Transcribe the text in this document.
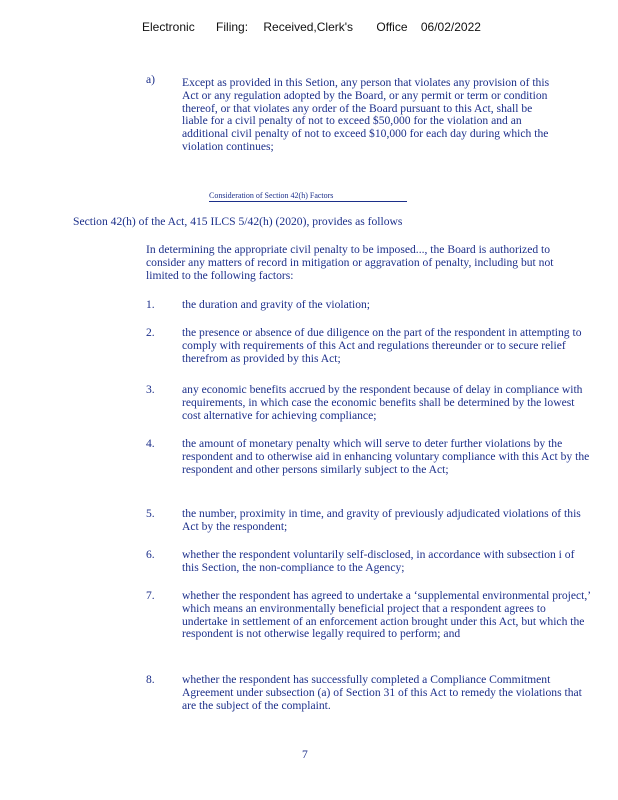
Electronic Filing: Received,Clerk's Office 06/02/2022
a) Except as provided in this Setion, any person that violates any provision of this Act or any regulation adopted by the Board, or any permit or term or condition thereof, or that violates any order of the Board pursuant to this Act, shall be liable for a civil penalty of not to exceed $50,000 for the violation and an additional civil penalty of not to exceed $10,000 for each day during which the violation continues;
Consideration of Section 42(h) Factors
Section 42(h) of the Act, 415 ILCS 5/42(h) (2020), provides as follows
In determining the appropriate civil penalty to be imposed..., the Board is authorized to consider any matters of record in mitigation or aggravation of penalty, including but not limited to the following factors:
1. the duration and gravity of the violation;
2. the presence or absence of due diligence on the part of the respondent in attempting to comply with requirements of this Act and regulations thereunder or to secure relief therefrom as provided by this Act;
3. any economic benefits accrued by the respondent because of delay in compliance with requirements, in which case the economic benefits shall be determined by the lowest cost alternative for achieving compliance;
4. the amount of monetary penalty which will serve to deter further violations by the respondent and to otherwise aid in enhancing voluntary compliance with this Act by the respondent and other persons similarly subject to the Act;
5. the number, proximity in time, and gravity of previously adjudicated violations of this Act by the respondent;
6. whether the respondent voluntarily self-disclosed, in accordance with subsection i of this Section, the non-compliance to the Agency;
7. whether the respondent has agreed to undertake a ‘supplemental environmental project,’ which means an environmentally beneficial project that a respondent agrees to undertake in settlement of an enforcement action brought under this Act, but which the respondent is not otherwise legally required to perform; and
8. whether the respondent has successfully completed a Compliance Commitment Agreement under subsection (a) of Section 31 of this Act to remedy the violations that are the subject of the complaint.
7
